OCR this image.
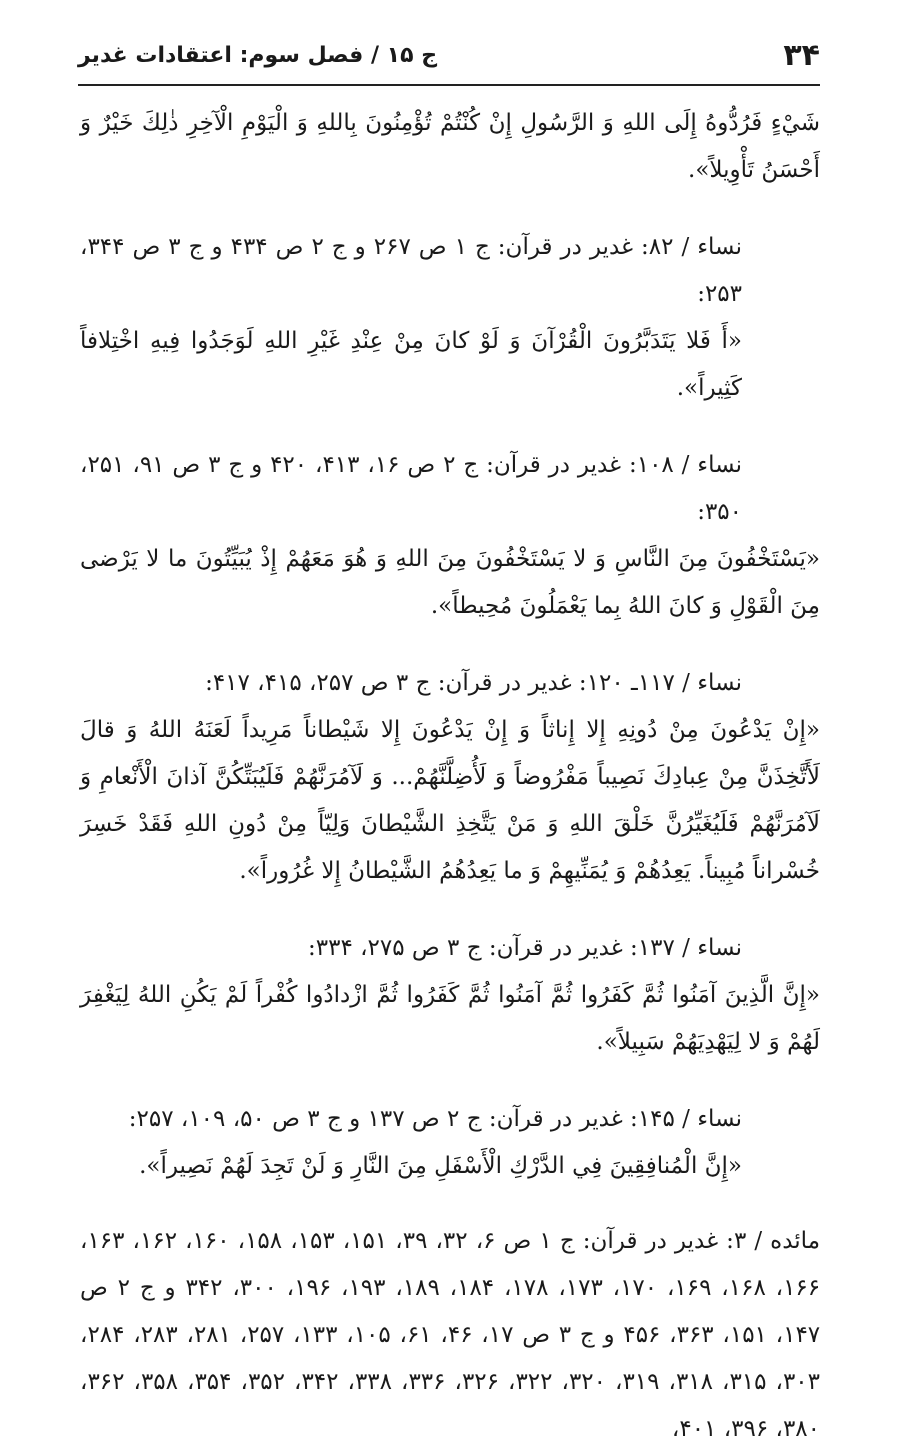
۳۴
ج ۱۵ / فصل سوم: اعتقادات غدیر

شَيْءٍ فَرُدُّوهُ إِلَى اللهِ وَ الرَّسُولِ إِنْ كُنْتُمْ تُؤْمِنُونَ بِاللهِ وَ الْيَوْمِ الْآخِرِ ذٰلِكَ خَيْرٌ وَ أَحْسَنُ تَأْوِيلاً».

نساء / ۸۲: غدیر در قرآن: ج ۱ ص ۲۶۷ و ج ۲ ص ۴۳۴ و ج ۳ ص ۳۴۴، ۲۵۳:

«أَ فَلا يَتَدَبَّرُونَ الْقُرْآنَ وَ لَوْ كانَ مِنْ عِنْدِ غَيْرِ اللهِ لَوَجَدُوا فِيهِ اخْتِلافاً كَثِيراً».

نساء / ۱۰۸: غدیر در قرآن: ج ۲ ص ۱۶، ۴۱۳، ۴۲۰ و ج ۳ ص ۹۱، ۲۵۱، ۳۵۰:

«يَسْتَخْفُونَ مِنَ النَّاسِ وَ لا يَسْتَخْفُونَ مِنَ اللهِ وَ هُوَ مَعَهُمْ إِذْ يُبَيِّتُونَ ما لا يَرْضى مِنَ الْقَوْلِ وَ كانَ اللهُ بِما يَعْمَلُونَ مُحِيطاً».

نساء / ۱۱۷ـ ۱۲۰: غدیر در قرآن: ج ۳ ص ۲۵۷، ۴۱۵، ۴۱۷:

«إِنْ يَدْعُونَ مِنْ دُونِهِ إِلا إِناثاً وَ إِنْ يَدْعُونَ إِلا شَيْطاناً مَرِيداً لَعَنَهُ اللهُ وَ قالَ لَأَتَّخِذَنَّ مِنْ عِبادِكَ نَصِيباً مَفْرُوضاً وَ لَأُضِلَّنَّهُمْ... وَ لَآمُرَنَّهُمْ فَلَيُبَتِّكُنَّ آذانَ الْأَنْعامِ وَ لَآمُرَنَّهُمْ فَلَيُغَيِّرُنَّ خَلْقَ اللهِ وَ مَنْ يَتَّخِذِ الشَّيْطانَ وَلِيّاً مِنْ دُونِ اللهِ فَقَدْ خَسِرَ خُسْراناً مُبِيناً. يَعِدُهُمْ وَ يُمَنِّيهِمْ وَ ما يَعِدُهُمُ الشَّيْطانُ إِلا غُرُوراً».

نساء / ۱۳۷: غدیر در قرآن: ج ۳ ص ۲۷۵، ۳۳۴:

«إِنَّ الَّذِينَ آمَنُوا ثُمَّ كَفَرُوا ثُمَّ آمَنُوا ثُمَّ كَفَرُوا ثُمَّ ازْدادُوا كُفْراً لَمْ يَكُنِ اللهُ لِيَغْفِرَ لَهُمْ وَ لا لِيَهْدِيَهُمْ سَبِيلاً».

نساء / ۱۴۵: غدیر در قرآن: ج ۲ ص ۱۳۷ و ج ۳ ص ۵۰، ۱۰۹، ۲۵۷:

«إِنَّ الْمُنافِقِينَ فِي الدَّرْكِ الْأَسْفَلِ مِنَ النَّارِ وَ لَنْ تَجِدَ لَهُمْ نَصِيراً».

مائده / ۳: غدیر در قرآن: ج ۱ ص ۶، ۳۲، ۳۹، ۱۵۱، ۱۵۳، ۱۵۸، ۱۶۰، ۱۶۲، ۱۶۳، ۱۶۶، ۱۶۸، ۱۶۹، ۱۷۰، ۱۷۳، ۱۷۸، ۱۸۴، ۱۸۹، ۱۹۳، ۱۹۶، ۳۰۰، ۳۴۲ و ج ۲ ص ۱۴۷، ۱۵۱، ۳۶۳، ۴۵۶ و ج ۳ ص ۱۷، ۴۶، ۶۱، ۱۰۵، ۱۳۳، ۲۵۷، ۲۸۱، ۲۸۳، ۲۸۴، ۳۰۳، ۳۱۵، ۳۱۸، ۳۱۹، ۳۲۰، ۳۲۲، ۳۲۶، ۳۳۶، ۳۳۸، ۳۴۲، ۳۵۲، ۳۵۴، ۳۵۸، ۳۶۲، ۳۸۰، ۳۹۶، ۴۰۱،
